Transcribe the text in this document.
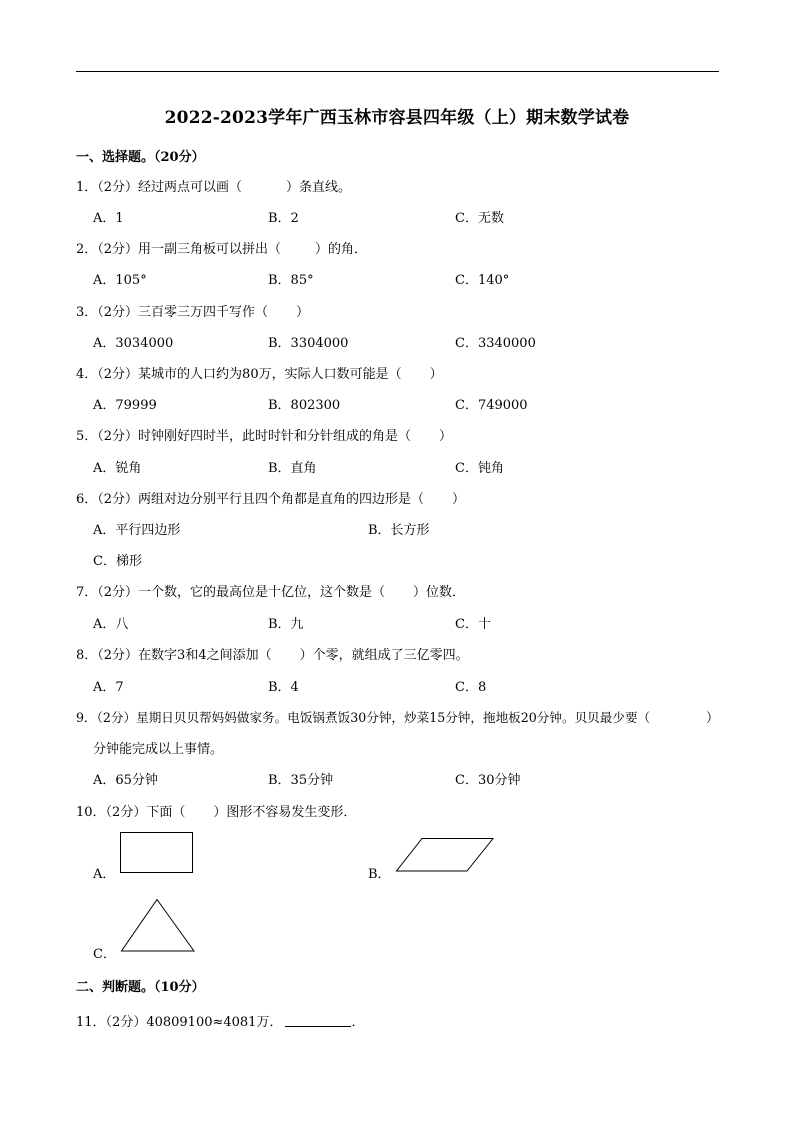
2022-2023学年广西玉林市容县四年级（上）期末数学试卷
一、选择题。（20分）
1．（2分）经过两点可以画（	）条直线。
A．1	B．2	C．无数
2．（2分）用一副三角板可以拼出（	）的角．
A．105°	B．85°	C．140°
3．（2分）三百零三万四千写作（ ）
A．3034000	B．3304000	C．3340000
4．（2分）某城市的人口约为80万，实际人口数可能是（ ）
A．79999	B．802300	C．749000
5．（2分）时钟刚好四时半，此时时针和分针组成的角是（ ）
A．锐角	B．直角	C．钝角
6．（2分）两组对边分别平行且四个角都是直角的四边形是（ ）
A．平行四边形	B．长方形
C．梯形
7．（2分）一个数，它的最高位是十亿位，这个数是（ ）位数．
A．八	B．九	C．十
8．（2分）在数字3和4之间添加（ ）个零，就组成了三亿零四。
A．7	B．4	C．8
9．（2分）星期日贝贝帮妈妈做家务。电饭锅煮饭30分钟，炒菜15分钟，拖地板20分钟。贝贝最少要（	）
分钟能完成以上事情。
A．65分钟	B．35分钟	C．30分钟
10．（2分）下面（ ）图形不容易发生变形．
A．	B．
C．
二、判断题。（10分）
11．（2分）40809100≈4081万．	．
